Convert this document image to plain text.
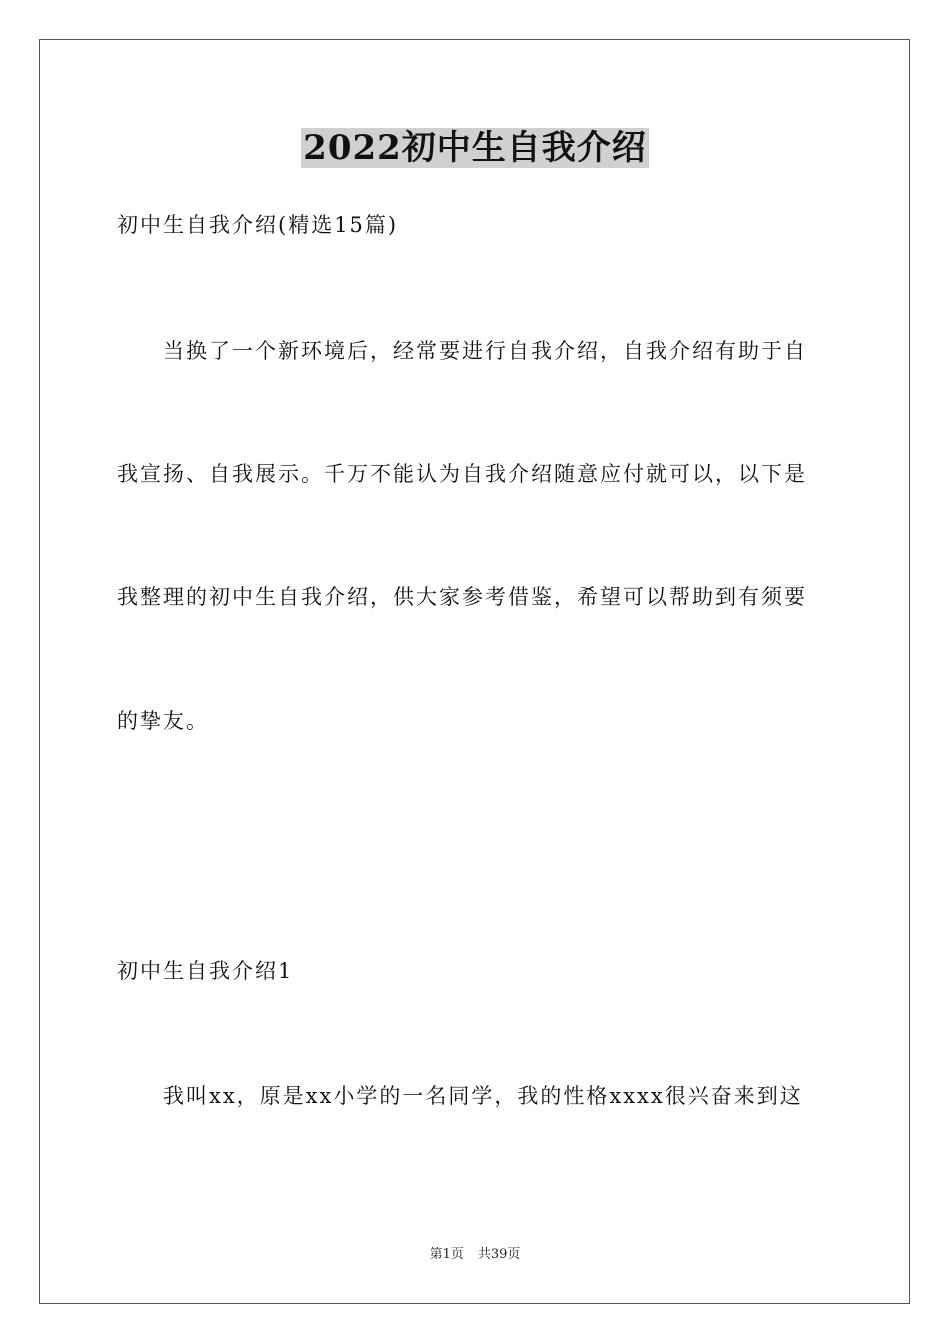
2022初中生自我介绍
初中生自我介绍(精选15篇)
当换了一个新环境后，经常要进行自我介绍，自我介绍有助于自
我宣扬、自我展示。千万不能认为自我介绍随意应付就可以，以下是
我整理的初中生自我介绍，供大家参考借鉴，希望可以帮助到有须要
的挚友。
初中生自我介绍1
我叫xx，原是xx小学的一名同学，我的性格xxxx很兴奋来到这
第1页 共39页
